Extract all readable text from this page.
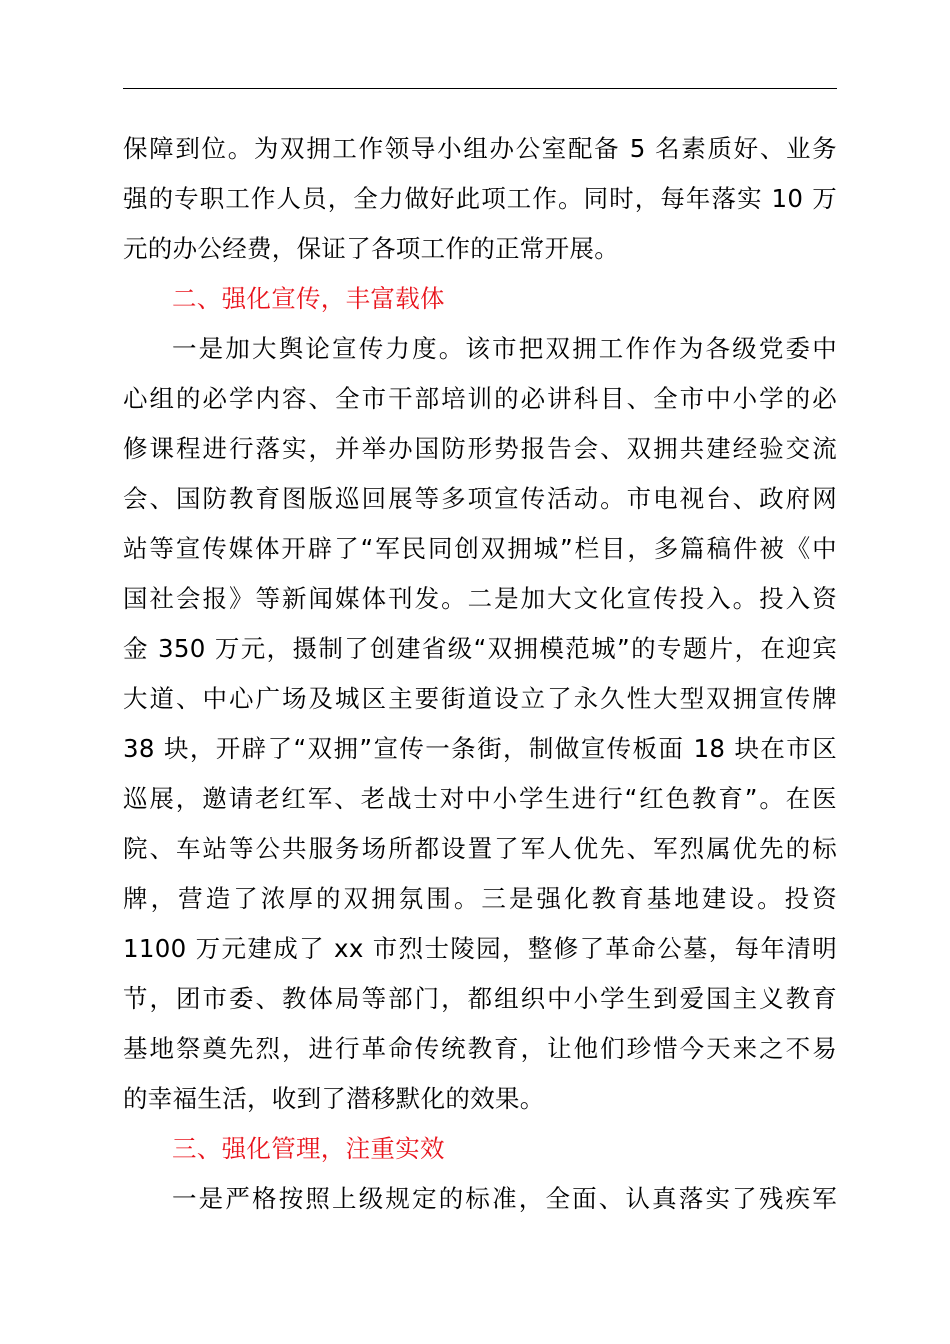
保障到位。为双拥工作领导小组办公室配备 5 名素质好、业务
强的专职工作人员，全力做好此项工作。同时，每年落实 10 万
元的办公经费，保证了各项工作的正常开展。
二、强化宣传，丰富载体
一是加大舆论宣传力度。该市把双拥工作作为各级党委中
心组的必学内容、全市干部培训的必讲科目、全市中小学的必
修课程进行落实，并举办国防形势报告会、双拥共建经验交流
会、国防教育图版巡回展等多项宣传活动。市电视台、政府网
站等宣传媒体开辟了“军民同创双拥城”栏目，多篇稿件被《中
国社会报》等新闻媒体刊发。二是加大文化宣传投入。投入资
金 350 万元，摄制了创建省级“双拥模范城”的专题片，在迎宾
大道、中心广场及城区主要街道设立了永久性大型双拥宣传牌
38 块，开辟了“双拥”宣传一条街，制做宣传板面 18 块在市区
巡展，邀请老红军、老战士对中小学生进行“红色教育”。在医
院、车站等公共服务场所都设置了军人优先、军烈属优先的标
牌，营造了浓厚的双拥氛围。三是强化教育基地建设。投资
1100 万元建成了 xx 市烈士陵园，整修了革命公墓，每年清明
节，团市委、教体局等部门，都组织中小学生到爱国主义教育
基地祭奠先烈，进行革命传统教育，让他们珍惜今天来之不易
的幸福生活，收到了潜移默化的效果。
三、强化管理，注重实效
一是严格按照上级规定的标准，全面、认真落实了残疾军
